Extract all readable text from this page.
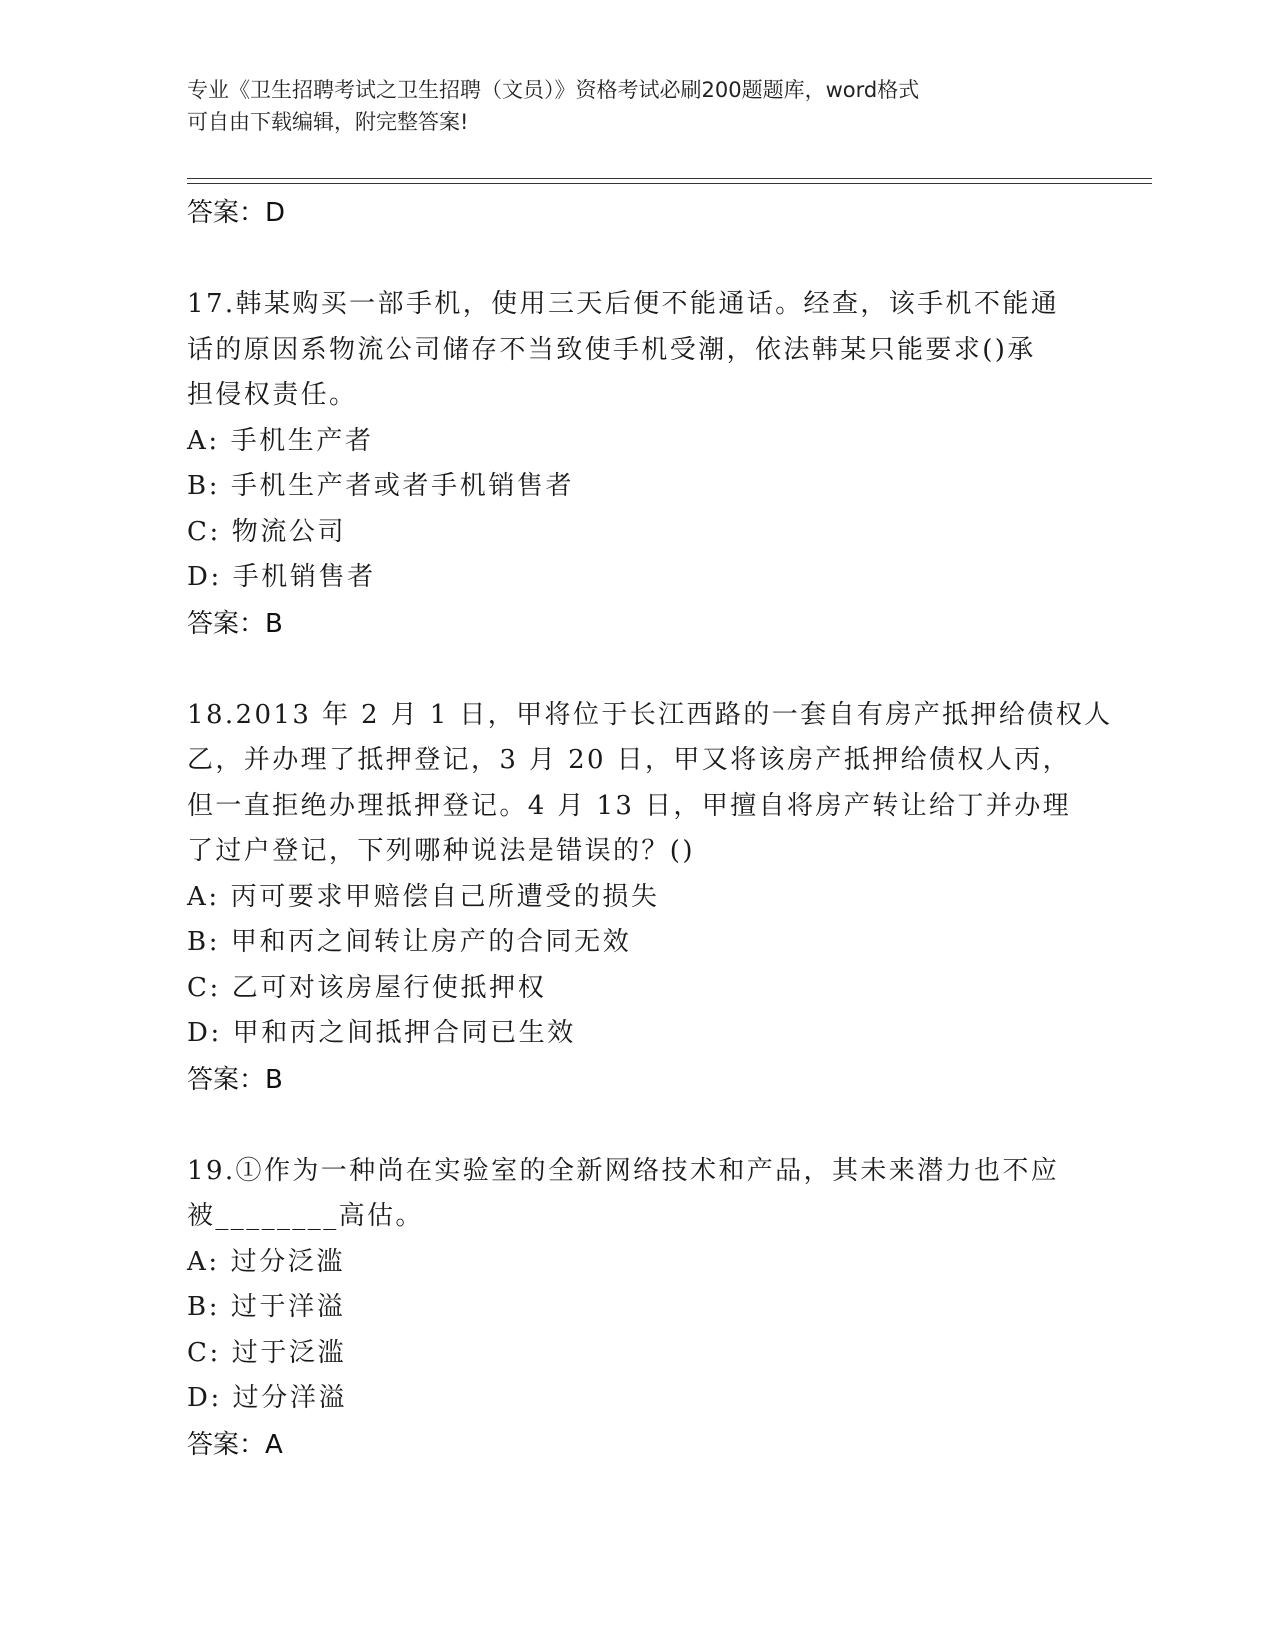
专业《卫生招聘考试之卫生招聘（文员）》资格考试必刷200题题库，word格式
可自由下载编辑，附完整答案!
答案：D
17.韩某购买一部手机，使用三天后便不能通话。经查，该手机不能通
话的原因系物流公司储存不当致使手机受潮，依法韩某只能要求()承
担侵权责任。
A: 手机生产者
B: 手机生产者或者手机销售者
C: 物流公司
D: 手机销售者
答案：B
18.2013 年 2 月 1 日，甲将位于长江西路的一套自有房产抵押给债权人
乙，并办理了抵押登记，3 月 20 日，甲又将该房产抵押给债权人丙，
但一直拒绝办理抵押登记。4 月 13 日，甲擅自将房产转让给丁并办理
了过户登记，下列哪种说法是错误的？()
A: 丙可要求甲赔偿自己所遭受的损失
B: 甲和丙之间转让房产的合同无效
C: 乙可对该房屋行使抵押权
D: 甲和丙之间抵押合同已生效
答案：B
19.①作为一种尚在实验室的全新网络技术和产品，其未来潜力也不应
被________高估。
A: 过分泛滥
B: 过于洋溢
C: 过于泛滥
D: 过分洋溢
答案：A
